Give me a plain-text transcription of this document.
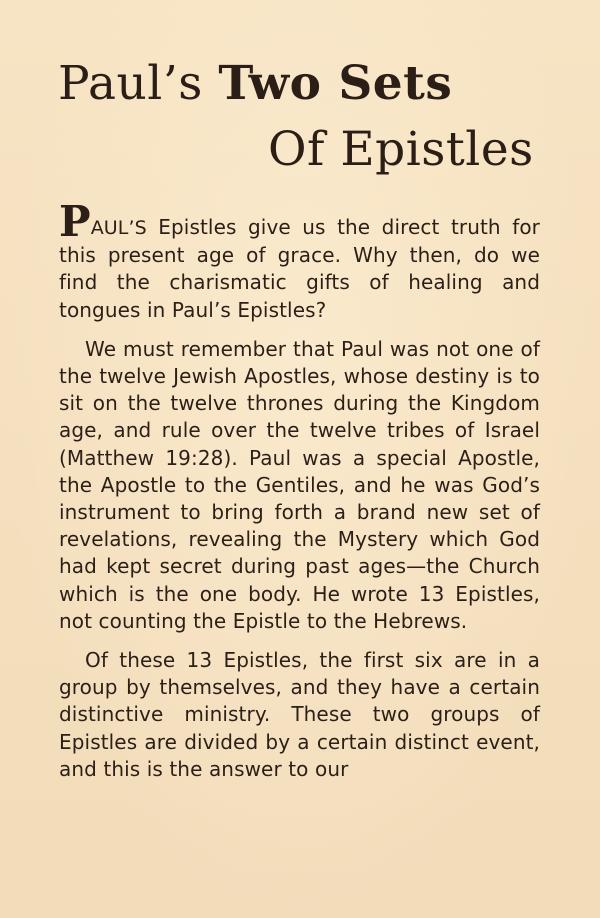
Paul’s Two Sets
Of Epistles

PAUL’S Epistles give us the direct truth for this present age of grace. Why then, do we find the charismatic gifts of healing and tongues in Paul’s Epistles?

We must remember that Paul was not one of the twelve Jewish Apostles, whose destiny is to sit on the twelve thrones during the Kingdom age, and rule over the twelve tribes of Israel (Matthew 19:28). Paul was a special Apostle, the Apostle to the Gentiles, and he was God’s instrument to bring forth a brand new set of revelations, revealing the Mystery which God had kept secret during past ages—the Church which is the one body. He wrote 13 Epistles, not counting the Epistle to the Hebrews.

Of these 13 Epistles, the first six are in a group by themselves, and they have a certain distinctive ministry. These two groups of Epistles are divided by a certain distinct event, and this is the answer to our
